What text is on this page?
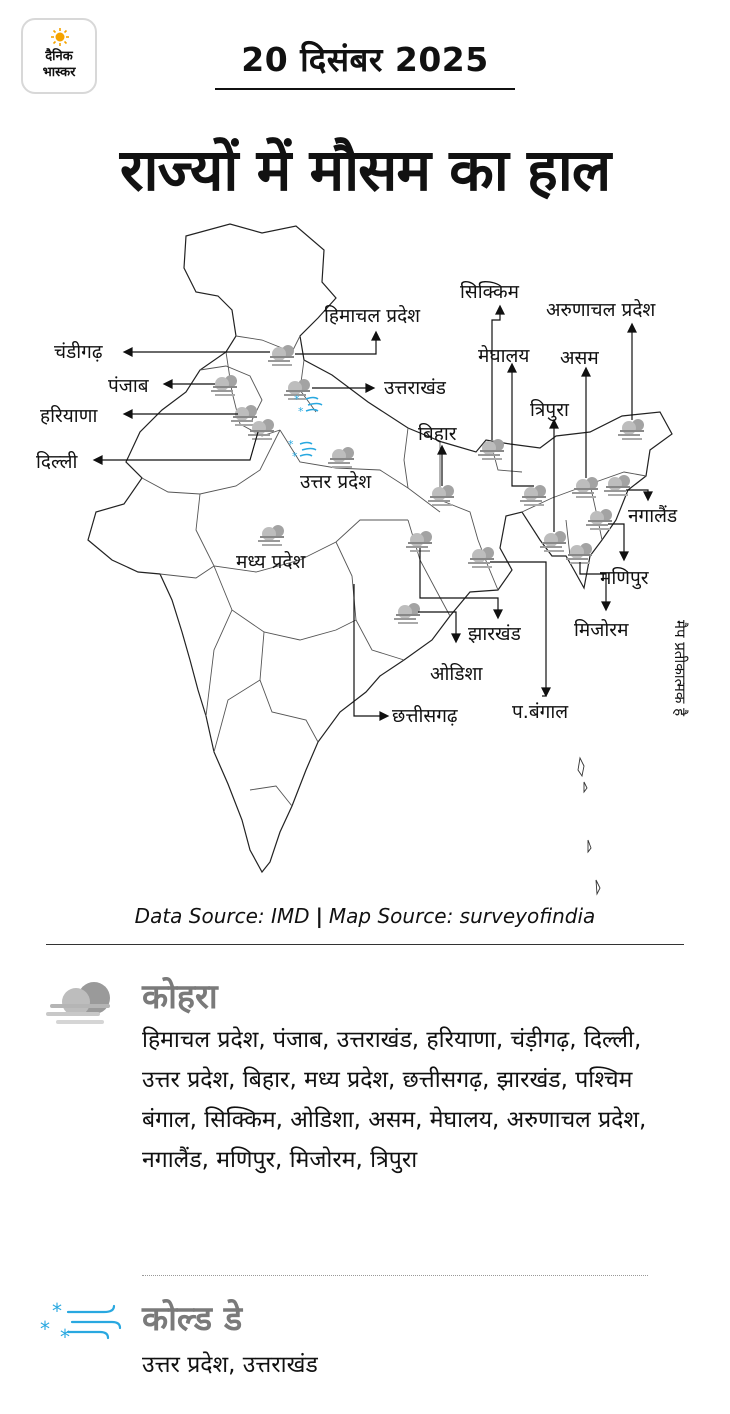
दैनिक
भास्कर	20 दिसंबर 2025
राज्यों में मौसम का हाल
हिमाचल प्रदेश
सिक्किम
अरुणाचल प्रदेश
चंडीगढ़
पंजाब
हरियाणा
दिल्ली
उत्तराखंड
मेघालय असम
त्रिपुरा
बिहार
उत्तर प्रदेश
नगालैंड
मध्य प्रदेश
मणिपुर
झारखंड	मिजोरम
ओडिशा
प.बंगाल
छत्तीसगढ़	मैप प्रतीकात्मक है
Data Source: IMD | Map Source: surveyofindia
कोहरा
हिमाचल प्रदेश, पंजाब, उत्तराखंड, हरियाणा, चंड़ीगढ़, दिल्ली, उत्तर प्रदेश, बिहार, मध्य प्रदेश, छत्तीसगढ़, झारखंड, पश्चिम बंगाल, सिक्किम, ओडिशा, असम, मेघालय, अरुणाचल प्रदेश, नगालैंड, मणिपुर, मिजोरम, त्रिपुरा
*
* * कोल्ड डे
उत्तर प्रदेश, उत्तराखंड
